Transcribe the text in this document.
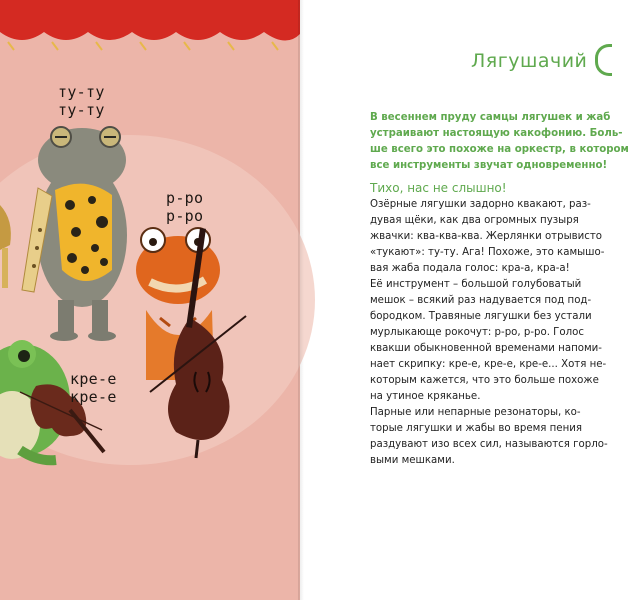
ту-ту
ту-ту
р-ро
р-ро
кре-е
кре-е
Лягушачий
В весеннем пруду самцы лягушек и жаб
устраивают настоящую какофонию. Боль-
ше всего это похоже на оркестр, в котором
все инструменты звучат одновременно!
Тихо, нас не слышно!
Озёрные лягушки задорно квакают, раз-
дувая щёки, как два огромных пузыря
жвачки: ква-ква-ква. Жерлянки отрывисто
«тукают»: ту-ту. Ага! Похоже, это камышо-
вая жаба подала голос: кра-а, кра-а!
Её инструмент – большой голубоватый
мешок – всякий раз надувается под под-
бородком. Травяные лягушки без устали
мурлыкающе рокочут: р-ро, р-ро. Голос
квакши обыкновенной временами напоми-
нает скрипку: кре-е, кре-е, кре-е... Хотя не-
которым кажется, что это больше похоже
на утиное кряканье.
Парные или непарные резонаторы, ко-
торые лягушки и жабы во время пения
раздувают изо всех сил, называются горло-
выми мешками.
